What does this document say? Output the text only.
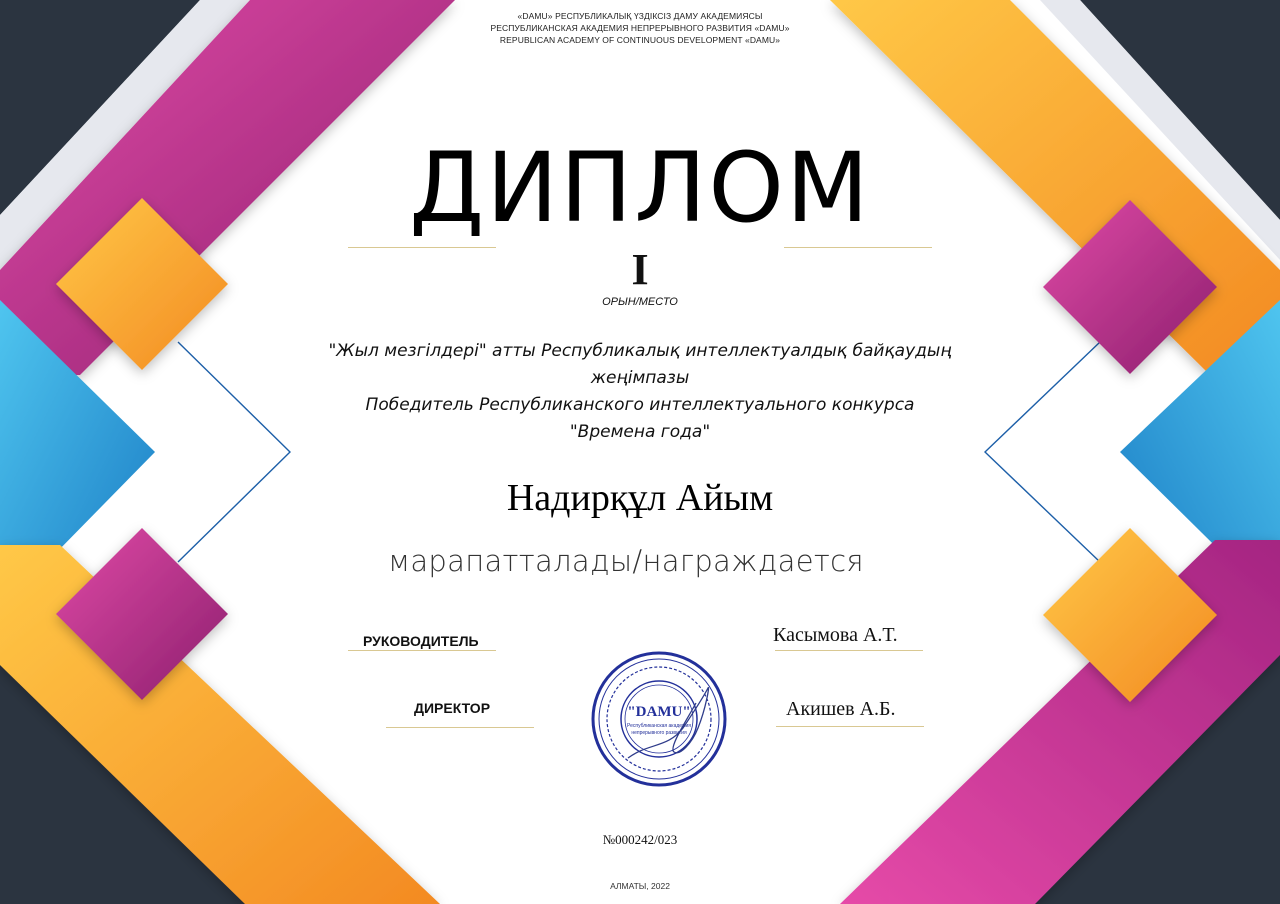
«DAMU» РЕСПУБЛИКАЛЫҚ ҮЗДІКСІЗ ДАМУ АКАДЕМИЯСЫ
РЕСПУБЛИКАНСКАЯ АКАДЕМИЯ НЕПРЕРЫВНОГО РАЗВИТИЯ «DAMU»
REPUBLICAN ACADEMY OF CONTINUOUS DEVELOPMENT «DAMU»
ДИПЛОМ
I
ОРЫН/МЕСТО
"Жыл мезгілдері" атты Республикалық интеллектуалдық байқаудың
жеңімпазы
Победитель Республиканского интеллектуального конкурса
"Времена года"
Надирқұл Айым
марапатталады/награждается
РУКОВОДИТЕЛЬ	Касымова А.Т.
ДИРЕКТОР	Акишев А.Б.
"DAMU"
Республиканская академия
непрерывного развития
№000242/023
АЛМАТЫ, 2022
